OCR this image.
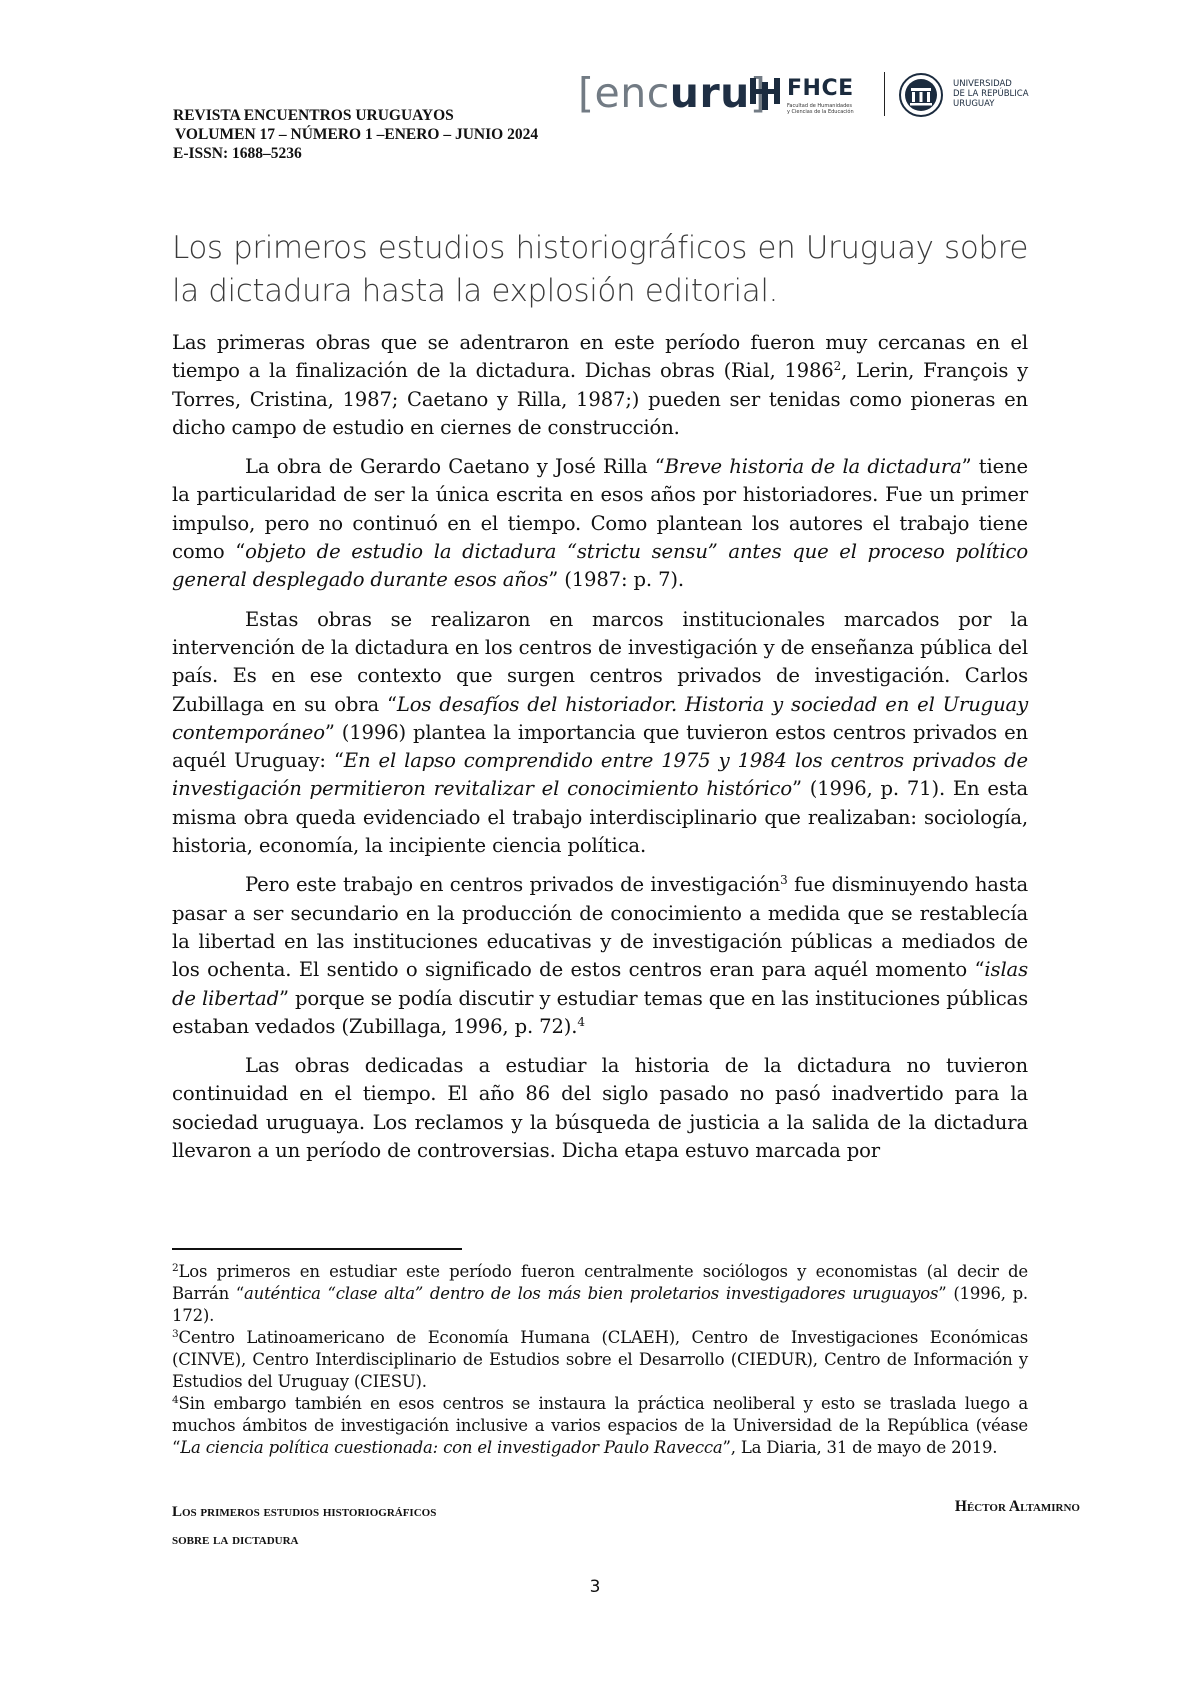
REVISTA ENCUENTROS URUGUAYOS
VOLUMEN 17 – NÚMERO 1 –ENERO – JUNIO 2024
E-ISSN: 1688–5236
[encuru	FHCE
Facultad de Humanidades y Ciencias de la Educación
UNIVERSIDAD
DE LA REPÚBLICA
URUGUAY
Los primeros estudios historiográficos en Uruguay sobre la dictadura hasta la explosión editorial.

Las primeras obras que se adentraron en este período fueron muy cercanas en el tiempo a la finalización de la dictadura. Dichas obras (Rial, 1986$^2$, Lerin, François y Torres, Cristina, 1987; Caetano y Rilla, 1987;) pueden ser tenidas como pioneras en dicho campo de estudio en ciernes de construcción.

La obra de Gerardo Caetano y José Rilla “Breve historia de la dictadura” tiene la particularidad de ser la única escrita en esos años por historiadores. Fue un primer impulso, pero no continuó en el tiempo. Como plantean los autores el trabajo tiene como “objeto de estudio la dictadura “strictu sensu” antes que el proceso político general desplegado durante esos años” (1987: p. 7).

Estas obras se realizaron en marcos institucionales marcados por la intervención de la dictadura en los centros de investigación y de enseñanza pública del país. Es en ese contexto que surgen centros privados de investigación. Carlos Zubillaga en su obra “Los desafíos del historiador. Historia y sociedad en el Uruguay contemporáneo” (1996) plantea la importancia que tuvieron estos centros privados en aquél Uruguay: “En el lapso comprendido entre 1975 y 1984 los centros privados de investigación permitieron revitalizar el conocimiento histórico” (1996, p. 71). En esta misma obra queda evidenciado el trabajo interdisciplinario que realizaban: sociología, historia, economía, la incipiente ciencia política.

Pero este trabajo en centros privados de investigación$^3$ fue disminuyendo hasta pasar a ser secundario en la producción de conocimiento a medida que se restablecía la libertad en las instituciones educativas y de investigación públicas a mediados de los ochenta. El sentido o significado de estos centros eran para aquél momento “islas de libertad” porque se podía discutir y estudiar temas que en las instituciones públicas estaban vedados (Zubillaga, 1996, p. 72).$^4$

Las obras dedicadas a estudiar la historia de la dictadura no tuvieron continuidad en el tiempo. El año 86 del siglo pasado no pasó inadvertido para la sociedad uruguaya. Los reclamos y la búsqueda de justicia a la salida de la dictadura llevaron a un período de controversias. Dicha etapa estuvo marcada por

$^2$Los primeros en estudiar este período fueron centralmente sociólogos y economistas (al decir de Barrán “auténtica “clase alta” dentro de los más bien proletarios investigadores uruguayos” (1996, p. 172).

$^3$Centro Latinoamericano de Economía Humana (CLAEH), Centro de Investigaciones Económicas (CINVE), Centro Interdisciplinario de Estudios sobre el Desarrollo (CIEDUR), Centro de Información y Estudios del Uruguay (CIESU).

$^4$Sin embargo también en esos centros se instaura la práctica neoliberal y esto se traslada luego a muchos ámbitos de investigación inclusive a varios espacios de la Universidad de la República (véase “La ciencia política cuestionada: con el investigador Paulo Ravecca”, La Diaria, 31 de mayo de 2019.

Los primeros estudios historiográficos
sobre la dictadura
Héctor Altamirno
3
